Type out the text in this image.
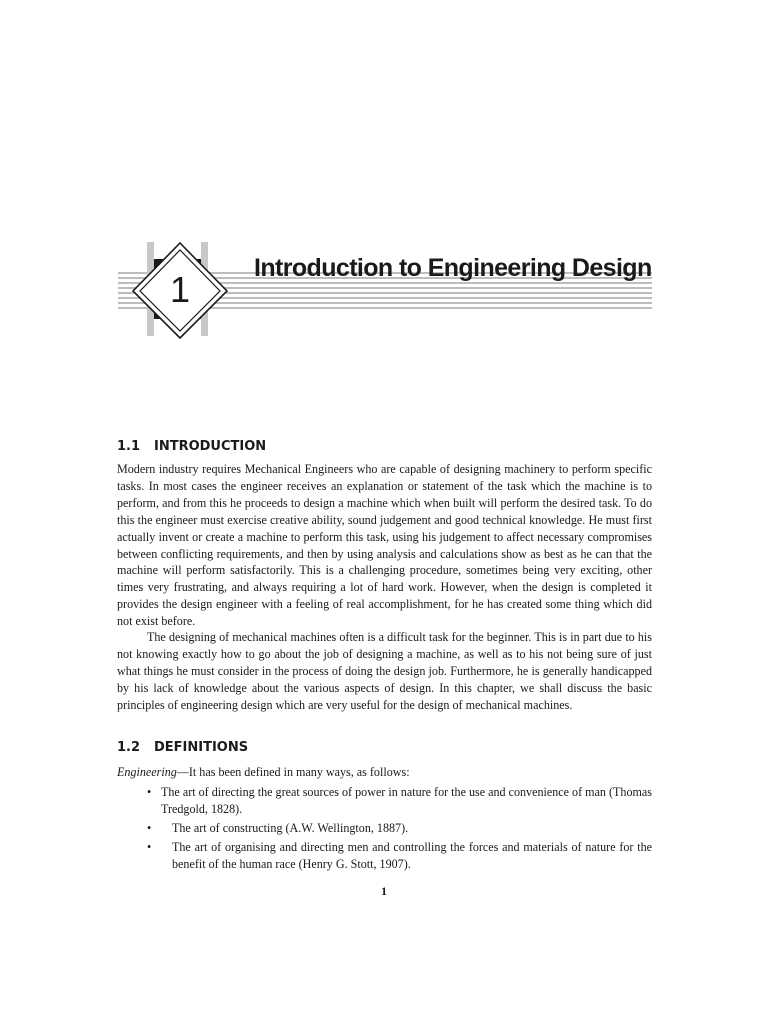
1
Introduction to Engineering Design
1.1 INTRODUCTION

Modern industry requires Mechanical Engineers who are capable of designing machinery to perform specific tasks. In most cases the engineer receives an explanation or statement of the task which the machine is to perform, and from this he proceeds to design a machine which when built will perform the desired task. To do this the engineer must exercise creative ability, sound judgement and good technical knowledge. He must first actually invent or create a machine to perform this task, using his judgement to affect necessary compromises between conflicting requirements, and then by using analysis and calculations show as best as he can that the machine will perform satisfactorily. This is a challenging procedure, sometimes being very exciting, other times very frustrating, and always requiring a lot of hard work. However, when the design is completed it provides the design engineer with a feeling of real accomplishment, for he has created some thing which did not exist before.

The designing of mechanical machines often is a difficult task for the beginner. This is in part due to his not knowing exactly how to go about the job of designing a machine, as well as to his not being sure of just what things he must consider in the process of doing the design job. Furthermore, he is generally handicapped by his lack of knowledge about the various aspects of design. In this chapter, we shall discuss the basic principles of engineering design which are very useful for the design of mechanical machines.

1.2 DEFINITIONS

Engineering—It has been defined in many ways, as follows:

• The art of directing the great sources of power in nature for the use and convenience of man (Thomas Tredgold, 1828).
• The art of constructing (A.W. Wellington, 1887).
• The art of organising and directing men and controlling the forces and materials of nature for the benefit of the human race (Henry G. Stott, 1907).
1
